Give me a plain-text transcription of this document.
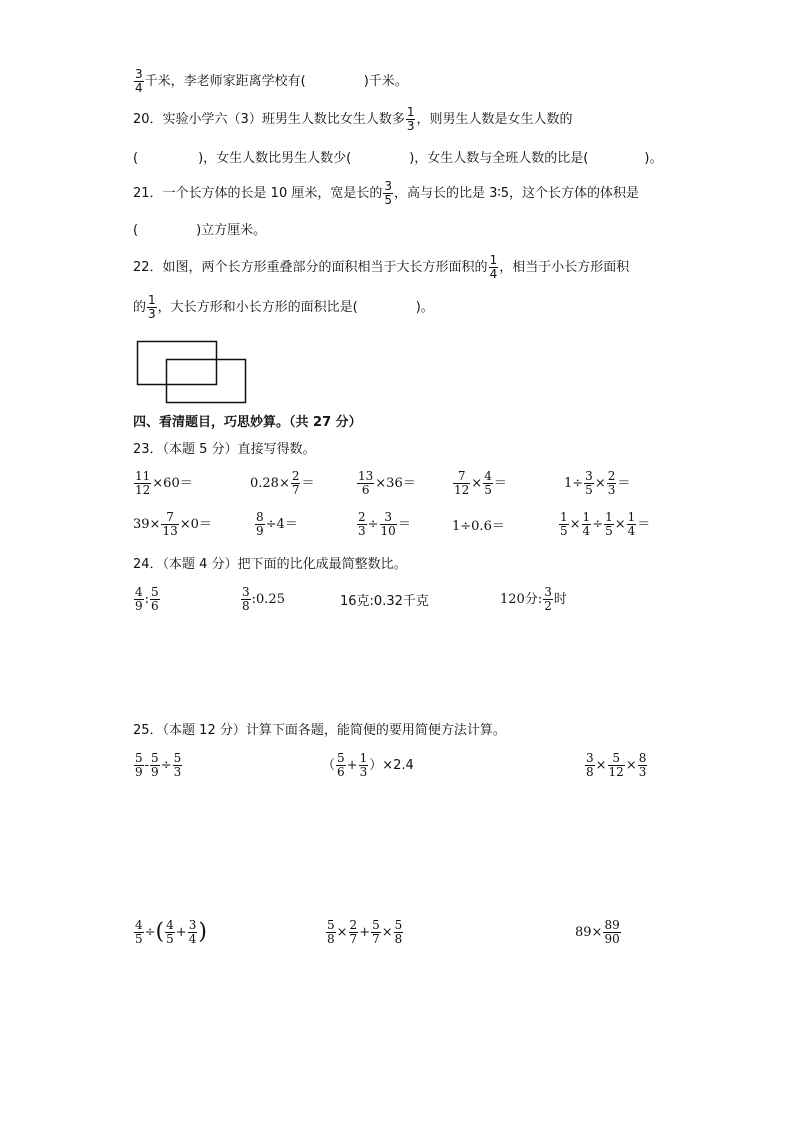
$\frac{3}{4}$ 千米，李老师家距离学校有(	)千米。
20．实验小学六（3）班男生人数比女生人数多 $\frac{1}{3}$ ，则男生人数是女生人数的
(	)，女生人数比男生人数少(	)，女生人数与全班人数的比是(	)。
21．一个长方体的长是 10 厘米，宽是长的 $\frac{3}{5}$ ，高与长的比是 3∶5，这个长方体的体积是
(	)立方厘米。
22．如图，两个长方形重叠部分的面积相当于大长方形面积的 $\frac{1}{4}$ ，相当于小长方形面积
的 $\frac{1}{3}$ ，大长方形和小长方形的面积比是(	)。
四、看清题目，巧思妙算。（共 27 分）
23．（本题 5 分）直接写得数。
$\frac{11}{12} \times 60=$	$0.28\times \frac{2}{7}$ ＝	$\frac{13}{6} \times 36=$	$\frac{7}{12} \times \frac{4}{5}$ ＝	$1\div \frac{3}{5} \times \frac{2}{3}$ ＝
$39\times \frac{7}{13} \times 0=$	$\frac{8}{9} \div 4=$	$\frac{2}{3} \div \frac{3}{10}$ ＝	1÷0.6＝	$\frac{1}{5} \times \frac{1}{4} \div \frac{1}{5} \times \frac{1}{4}$ ＝
24．（本题 4 分）把下面的比化成最简整数比。
$\frac{4}{9}$ : $\frac{5}{6}$	$\frac{3}{8}$ :0.25	16克:0.32千克	120分: $\frac{3}{2}$ 时
25．（本题 12 分）计算下面各题，能简便的要用简便方法计算。
$\frac{5}{9} - \frac{5}{9} \div \frac{5}{3}$	（ $\frac{5}{6} + \frac{1}{3} )\times 2.4$	$\frac{3}{8} \times \frac{5}{12} \times \frac{8}{3}$
$\frac{4}{5}$ ÷( $\frac{4}{5} + \frac{3}{4}$ )	$\frac{5}{8} \times \frac{2}{7} + \frac{5}{7} \times \frac{5}{8}$	$89\times \frac{89}{90}$
